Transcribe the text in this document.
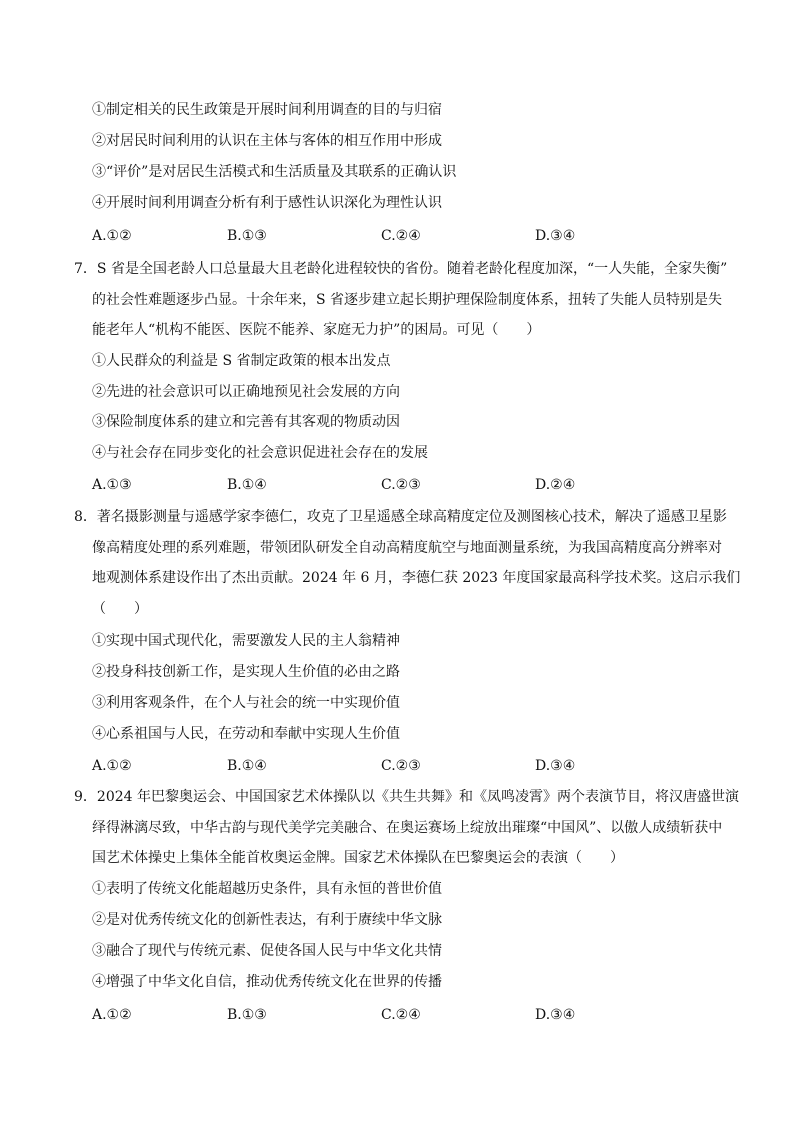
①制定相关的民生政策是开展时间利用调查的目的与归宿
②对居民时间利用的认识在主体与客体的相互作用中形成
③“评价”是对居民生活模式和生活质量及其联系的正确认识
④开展时间利用调查分析有利于感性认识深化为理性认识
A.①②	B.①③	C.②④	D.③④
7．S 省是全国老龄人口总量最大且老龄化进程较快的省份。随着老龄化程度加深，“一人失能，全家失衡”
的社会性难题逐步凸显。十余年来，S 省逐步建立起长期护理保险制度体系，扭转了失能人员特别是失
能老年人“机构不能医、医院不能养、家庭无力护”的困局。可见（　　）
①人民群众的利益是 S 省制定政策的根本出发点
②先进的社会意识可以正确地预见社会发展的方向
③保险制度体系的建立和完善有其客观的物质动因
④与社会存在同步变化的社会意识促进社会存在的发展
A.①③	B.①④	C.②③	D.②④
8．著名摄影测量与遥感学家李德仁，攻克了卫星遥感全球高精度定位及测图核心技术，解决了遥感卫星影
像高精度处理的系列难题，带领团队研发全自动高精度航空与地面测量系统，为我国高精度高分辨率对
地观测体系建设作出了杰出贡献。2024 年 6 月，李德仁获 2023 年度国家最高科学技术奖。这启示我们
（　　）
①实现中国式现代化，需要激发人民的主人翁精神
②投身科技创新工作，是实现人生价值的必由之路
③利用客观条件，在个人与社会的统一中实现价值
④心系祖国与人民，在劳动和奉献中实现人生价值
A.①②	B.①④	C.②③	D.③④
9．2024 年巴黎奥运会、中国国家艺术体操队以《共生共舞》和《凤鸣凌霄》两个表演节目，将汉唐盛世演
绎得淋漓尽致，中华古韵与现代美学完美融合、在奥运赛场上绽放出璀璨“中国风”、以傲人成绩斩获中
国艺术体操史上集体全能首枚奥运金牌。国家艺术体操队在巴黎奥运会的表演（　　）
①表明了传统文化能超越历史条件，具有永恒的普世价值
②是对优秀传统文化的创新性表达，有利于赓续中华文脉
③融合了现代与传统元素、促使各国人民与中华文化共情
④增强了中华文化自信，推动优秀传统文化在世界的传播
A.①②	B.①③	C.②④	D.③④
